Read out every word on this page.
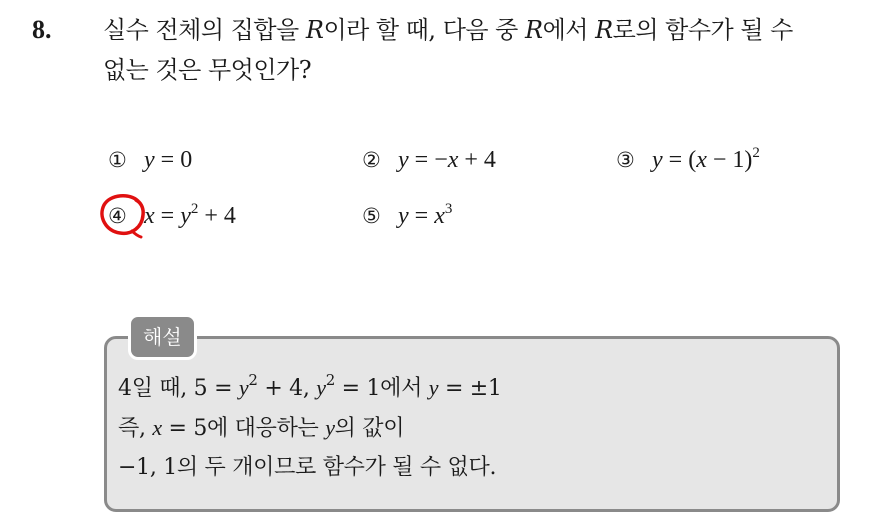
8. 실수 전체의 집합을 R이라 할 때, 다음 중 R에서 R로의 함수가 될 수
없는 것은 무엇인가?
① y = 0	② y = −x + 4	③ $y = (x - 1)^2$
④ $x = y^2 + 4$	⑤ $y = x^3$
해설
4일 때, $5 = y^2 + 4$, $y^2 = 1$에서 y = ±1
즉, x = 5에 대응하는 y의 값이
−1, 1의 두 개이므로 함수가 될 수 없다.
